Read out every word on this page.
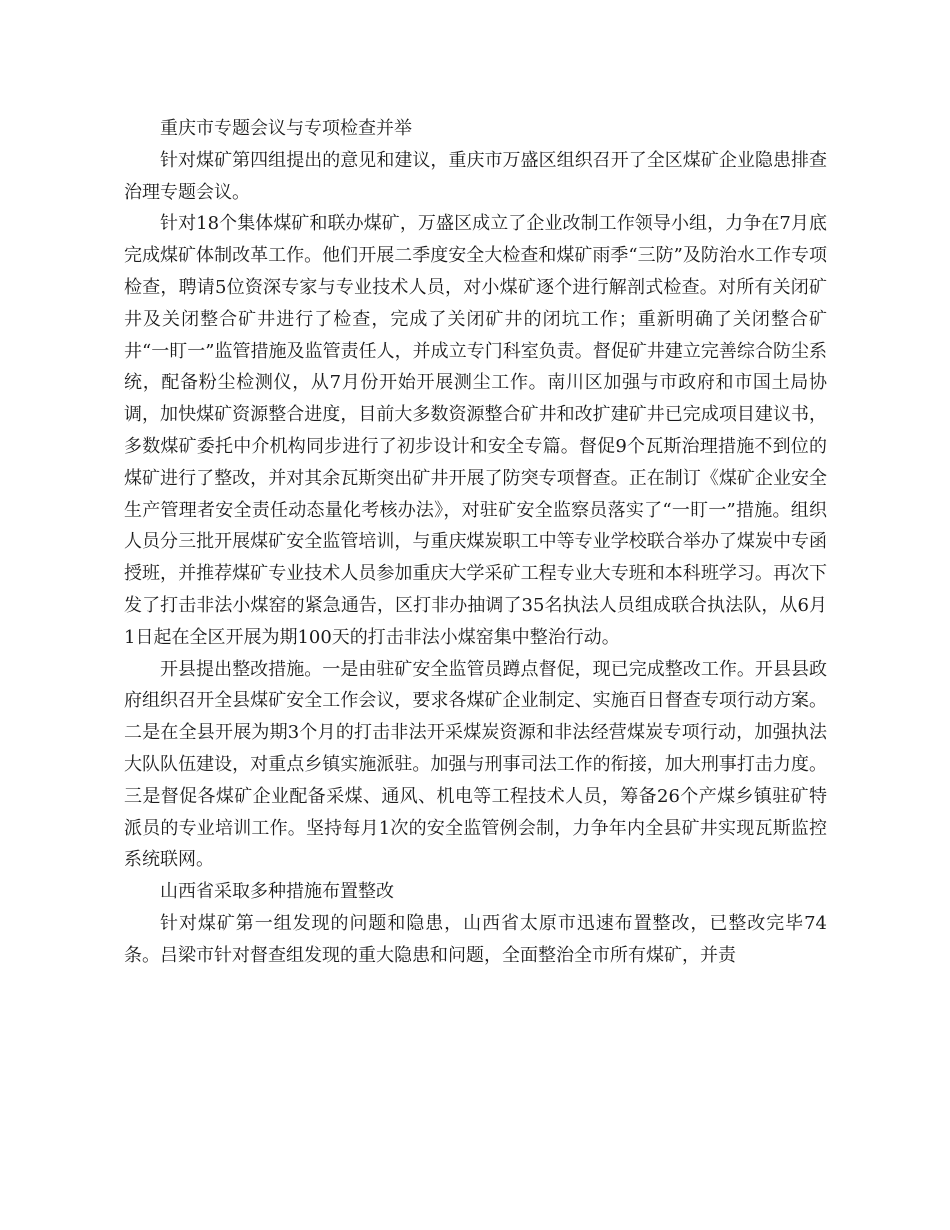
重庆市专题会议与专项检查并举

针对煤矿第四组提出的意见和建议，重庆市万盛区组织召开了全区煤矿企业隐患排查治理专题会议。

针对18个集体煤矿和联办煤矿，万盛区成立了企业改制工作领导小组，力争在7月底完成煤矿体制改革工作。他们开展二季度安全大检查和煤矿雨季“三防”及防治水工作专项检查，聘请5位资深专家与专业技术人员，对小煤矿逐个进行解剖式检查。对所有关闭矿井及关闭整合矿井进行了检查，完成了关闭矿井的闭坑工作；重新明确了关闭整合矿井“一盯一”监管措施及监管责任人，并成立专门科室负责。督促矿井建立完善综合防尘系统，配备粉尘检测仪，从7月份开始开展测尘工作。南川区加强与市政府和市国土局协调，加快煤矿资源整合进度，目前大多数资源整合矿井和改扩建矿井已完成项目建议书，多数煤矿委托中介机构同步进行了初步设计和安全专篇。督促9个瓦斯治理措施不到位的煤矿进行了整改，并对其余瓦斯突出矿井开展了防突专项督查。正在制订《煤矿企业安全生产管理者安全责任动态量化考核办法》，对驻矿安全监察员落实了“一盯一”措施。组织人员分三批开展煤矿安全监管培训，与重庆煤炭职工中等专业学校联合举办了煤炭中专函授班，并推荐煤矿专业技术人员参加重庆大学采矿工程专业大专班和本科班学习。再次下发了打击非法小煤窑的紧急通告，区打非办抽调了35名执法人员组成联合执法队，从6月1日起在全区开展为期100天的打击非法小煤窑集中整治行动。

开县提出整改措施。一是由驻矿安全监管员蹲点督促，现已完成整改工作。开县县政府组织召开全县煤矿安全工作会议，要求各煤矿企业制定、实施百日督查专项行动方案。二是在全县开展为期3个月的打击非法开采煤炭资源和非法经营煤炭专项行动，加强执法大队队伍建设，对重点乡镇实施派驻。加强与刑事司法工作的衔接，加大刑事打击力度。三是督促各煤矿企业配备采煤、通风、机电等工程技术人员，筹备26个产煤乡镇驻矿特派员的专业培训工作。坚持每月1次的安全监管例会制，力争年内全县矿井实现瓦斯监控系统联网。

山西省采取多种措施布置整改

针对煤矿第一组发现的问题和隐患，山西省太原市迅速布置整改，已整改完毕74条。吕梁市针对督查组发现的重大隐患和问题，全面整治全市所有煤矿，并责
